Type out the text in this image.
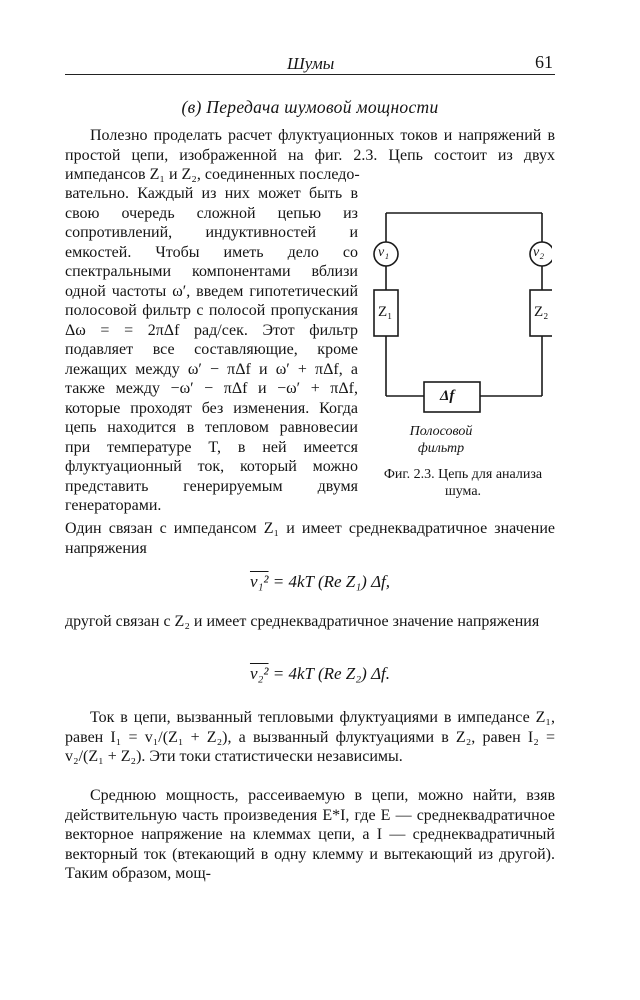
Шумы	61
(в) Передача шумовой мощности
Полезно проделать расчет флуктуационных токов и напряжений в простой цепи, изображенной на фиг. 2.3. Цепь состоит из двух импедансов Z₁ и Z₂, соединенных последо-
вательно. Каждый из них может быть в свою очередь сложной цепью из сопротивлений, индуктивностей и емкостей. Чтобы иметь дело со спектральными компонентами вблизи одной частоты ω′, введем гипотетический полосовой фильтр с полосой пропускания Δω = = 2πΔf рад/сек. Этот фильтр подавляет все составляющие, кроме лежащих между ω′ − πΔf и ω′ + πΔf, а также между −ω′ − πΔf и −ω′ + πΔf, которые проходят без изменения. Когда цепь находится в тепловом равновесии при температуре T, в ней имеется флуктуационный ток, который можно представить генерируемым двумя генераторами.
v₁	v₂
Z₁	Z₂
Δf
Полосовой фильтр
Фиг. 2.3. Цепь для анализа шума.
Один связан с импедансом Z₁ и имеет среднеквадратичное значение напряжения
v₁² = 4kT (Re Z₁) Δf,
другой связан с Z₂ и имеет среднеквадратичное значение напряжения
v₂² = 4kT (Re Z₂) Δf.
Ток в цепи, вызванный тепловыми флуктуациями в импедансе Z₁, равен I₁ = v₁/(Z₁ + Z₂), а вызванный флуктуациями в Z₂, равен I₂ = v₂/(Z₁ + Z₂). Эти токи статистически независимы.
Среднюю мощность, рассеиваемую в цепи, можно найти, взяв действительную часть произведения E*I, где E — среднеквадратичное векторное напряжение на клеммах цепи, а I — среднеквадратичный векторный ток (втекающий в одну клемму и вытекающий из другой). Таким образом, мощ-
